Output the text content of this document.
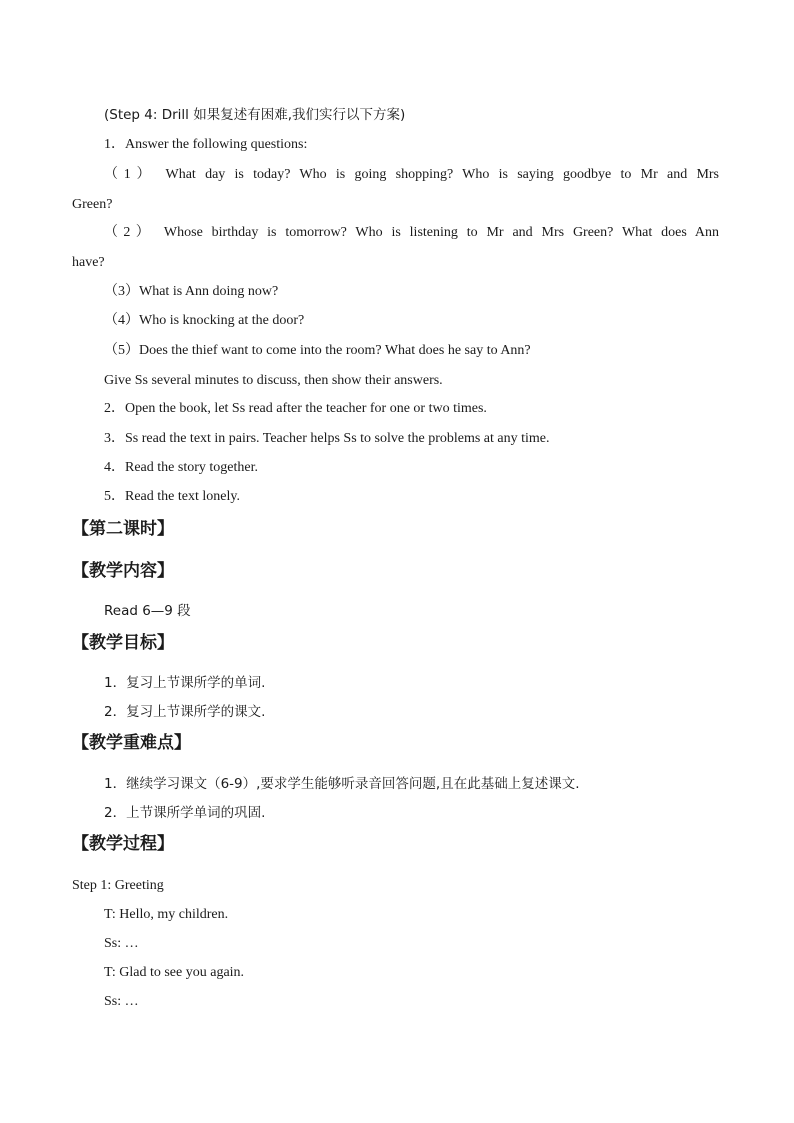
(Step 4: Drill 如果复述有困难,我们实行以下方案)
1．Answer the following questions:
（1） What day is today? Who is going shopping? Who is saying goodbye to Mr and Mrs
Green?
（2） Whose birthday is tomorrow? Who is listening to Mr and Mrs Green? What does Ann
have?
（3）What is Ann doing now?
（4）Who is knocking at the door?
（5）Does the thief want to come into the room? What does he say to Ann?
Give Ss several minutes to discuss, then show their answers.
2．Open the book, let Ss read after the teacher for one or two times.
3．Ss read the text in pairs. Teacher helps Ss to solve the problems at any time.
4．Read the story together.
5．Read the text lonely.
【第二课时】
【教学内容】
Read 6—9 段
【教学目标】
1．复习上节课所学的单词.
2．复习上节课所学的课文.
【教学重难点】
1．继续学习课文（6-9）,要求学生能够听录音回答问题,且在此基础上复述课文.
2．上节课所学单词的巩固.
【教学过程】
Step 1: Greeting
T: Hello, my children.
Ss: …
T: Glad to see you again.
Ss: …
